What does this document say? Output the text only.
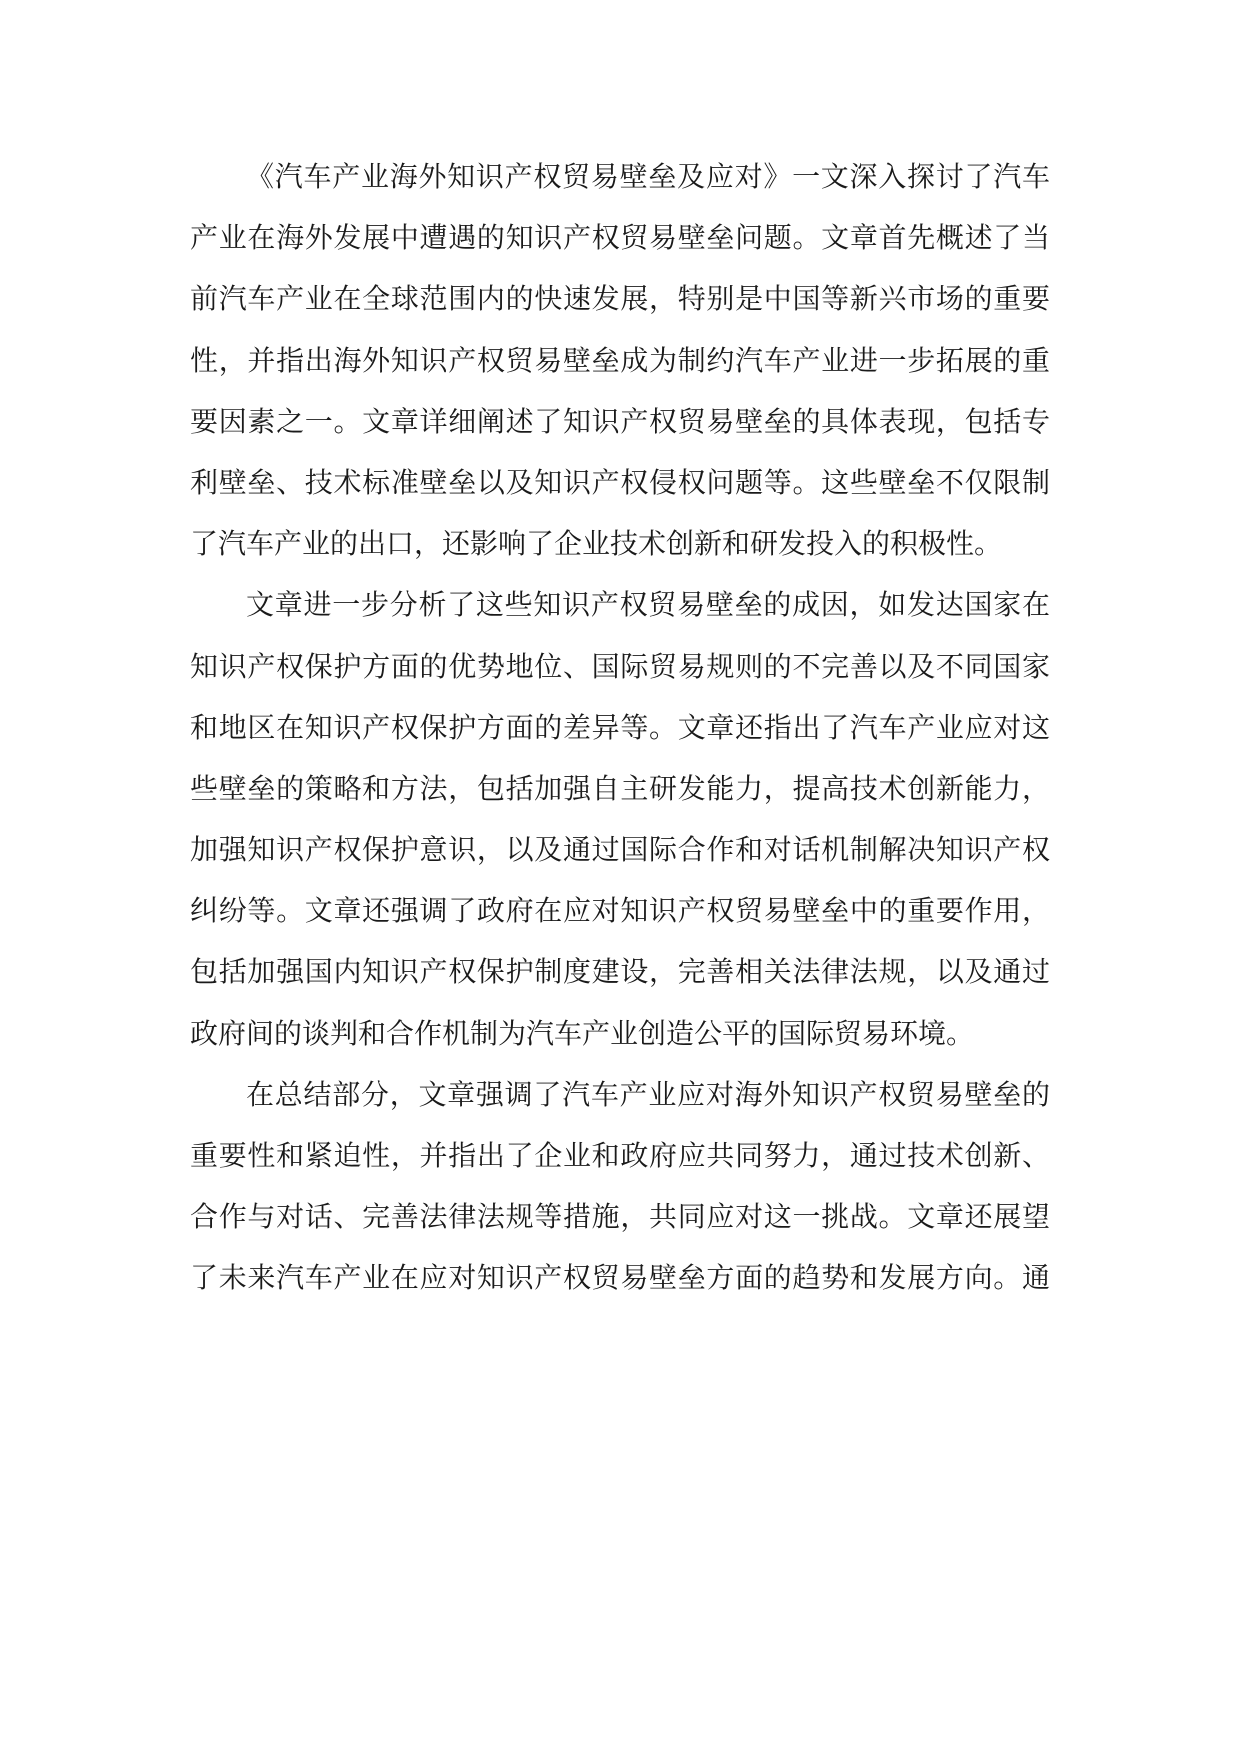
《汽车产业海外知识产权贸易壁垒及应对》一文深入探讨了汽车
产业在海外发展中遭遇的知识产权贸易壁垒问题。文章首先概述了当
前汽车产业在全球范围内的快速发展，特别是中国等新兴市场的重要
性，并指出海外知识产权贸易壁垒成为制约汽车产业进一步拓展的重
要因素之一。文章详细阐述了知识产权贸易壁垒的具体表现，包括专
利壁垒、技术标准壁垒以及知识产权侵权问题等。这些壁垒不仅限制
了汽车产业的出口，还影响了企业技术创新和研发投入的积极性。
文章进一步分析了这些知识产权贸易壁垒的成因，如发达国家在
知识产权保护方面的优势地位、国际贸易规则的不完善以及不同国家
和地区在知识产权保护方面的差异等。文章还指出了汽车产业应对这
些壁垒的策略和方法，包括加强自主研发能力，提高技术创新能力，
加强知识产权保护意识，以及通过国际合作和对话机制解决知识产权
纠纷等。文章还强调了政府在应对知识产权贸易壁垒中的重要作用，
包括加强国内知识产权保护制度建设，完善相关法律法规，以及通过
政府间的谈判和合作机制为汽车产业创造公平的国际贸易环境。
在总结部分，文章强调了汽车产业应对海外知识产权贸易壁垒的
重要性和紧迫性，并指出了企业和政府应共同努力，通过技术创新、
合作与对话、完善法律法规等措施，共同应对这一挑战。文章还展望
了未来汽车产业在应对知识产权贸易壁垒方面的趋势和发展方向。通
